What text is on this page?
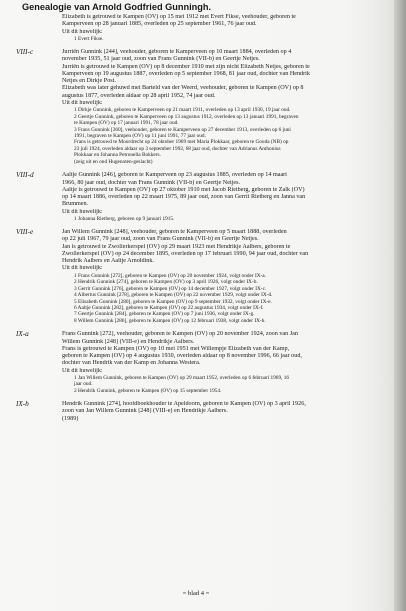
Genealogie van Arnold Godfried Gunningh.
Elizabeth is getrouwd te Kampen (OV) op 15 mei 1912 met Evert Fikse, veehouder, geboren te
Kamperveen op 28 januari 1885, overleden op 25 september 1961, 76 jaar oud.
Uit dit huwelijk:
1 Evert Fikse.
VIII-c	Jurriën Gunnink [244], veehouder, geboren te Kamperveen op 10 maart 1884, overleden op 4
november 1935, 51 jaar oud, zoon van Frans Gunnink (VII-b) en Geertje Netjes.
Jurriën is getrouwd te Kampen (OV) op 8 december 1910 met zijn nicht Elizabeth Netjes, geboren te
Kamperveen op 19 augustus 1887, overleden op 5 september 1968, 81 jaar oud, dochter van Hendrik
Netjes en Dirkje Post.
Elizabeth was later gehuwd met Barteld van der Weerd, veehouder, geboren te Kampen (OV) op 8
augustus 1877, overleden aldaar op 28 april 1952, 74 jaar oud.
Uit dit huwelijk:
1 Dirkje Gunnink, geboren te Kamperveen op 21 maart 1911, overleden op 13 april 1930, 19 jaar oud.
2 Geertje Gunnink, geboren te Kamperveen op 13 augustus 1912, overleden op 13 januari 1991, begraven
te Kampen (OV) op 17 januari 1991, 78 jaar oud.
3 Frans Gunnink [360], veehouder, geboren te Kamperveen op 27 december 1913, overleden op 6 juni
1991, begraven te Kampen (OV) op 11 juni 1991, 77 jaar oud.
Frans is getrouwd te Moordrecht op 24 oktober 1969 met Maria Plokkaar, geboren te Gouda (NB) op
23 juli 1924, overleden aldaar op 3 september 1992, 68 jaar oud, dochter van Adrianus Anthonius
Plokkaar en Johanna Petronella Bokkers.
(zeig uit en ond Hugenoten-geslacht)
VIII-d	Aaltje Gunnink [246], geboren te Kamperveen op 23 augustus 1885, overleden op 14 maart
1966, 80 jaar oud, dochter van Frans Gunnink (VII-b) en Geertje Netjes.
Aaltje is getrouwd te Kampen (OV) op 27 oktober 1910 met Jacob Rietberg, geboren te Zalk (OV)
op 14 maart 1886, overleden op 22 maart 1975, 89 jaar oud, zoon van Gerrit Rietberg en Janna van
Brummen.
Uit dit huwelijk:
1 Johanna Rietberg, geboren op 9 januari 1915.
VIII-e	Jan Willem Gunnink [248], veehouder, geboren te Kamperveen op 5 maart 1888, overleden
op 22 juli 1967, 79 jaar oud, zoon van Frans Gunnink (VII-b) en Geertje Netjes.
Jan is getrouwd te Zwollerkerspel (OV) op 29 maart 1923 met Hendrikje Aalbers, geboren te
Zwollerkerspel (OV) op 24 december 1895, overleden op 17 februari 1990, 94 jaar oud, dochter van
Hendrik Aalbers en Aaltje Arnoldink.
Uit dit huwelijk:
1 Frans Gunnink [272], geboren te Kampen (OV) op 20 november 1924, volgt onder IX-a.
2 Hendrik Gunnink [274], geboren te Kampen (OV) op 3 april 1926, volgt onder IX-b.
3 Gerrit Gunnink [276], geboren te Kampen (OV) op 14 december 1927, volgt onder IX-c.
4 Albertus Gunnink [278], geboren te Kampen (OV) op 22 november 1929, volgt onder IX-d.
5 Elisabeth Gunnink [280], geboren te Kampen (OV) op 9 september 1932, volgt onder IX-e.
6 Aaltje Gunnink [282], geboren te Kampen (OV) op 22 augustus 1934, volgt onder IX-f.
7 Geertje Gunnink [284], geboren te Kampen (OV) op 7 juni 1936, volgt onder IX-g.
8 Willem Gunnink [286], geboren te Kampen (OV) op 12 februari 1938, volgt onder IX-h.
IX-a	Frans Gunnink [272], veehouder, geboren te Kampen (OV) op 20 november 1924, zoon van Jan
Willem Gunnink [248] (VIII-e) en Hendrikje Aalbers.
Frans is getrouwd te Kampen (OV) op 10 mei 1951 met Willempje Elizabeth van der Kamp,
geboren te Kampen (OV) op 4 augustus 1930, overleden aldaar op 8 november 1996, 66 jaar oud,
dochter van Hendrik van der Kamp en Johanna Westera.
Uit dit huwelijk:
1 Jan Willem Gunnink, geboren te Kampen (OV) op 29 maart 1952, overleden op 6 februari 1969, 16
jaar oud.
2 Hendrik Gunnink, geboren te Kampen (OV) op 15 september 1954.
IX-b	Hendrik Gunnink [274], hoofdboekhouder te Apeldoorn, geboren te Kampen (OV) op 3 april 1926,
zoon van Jan Willem Gunnink [248] (VIII-e) en Hendrikje Aalbers.
(1989)
= blad 4 =
